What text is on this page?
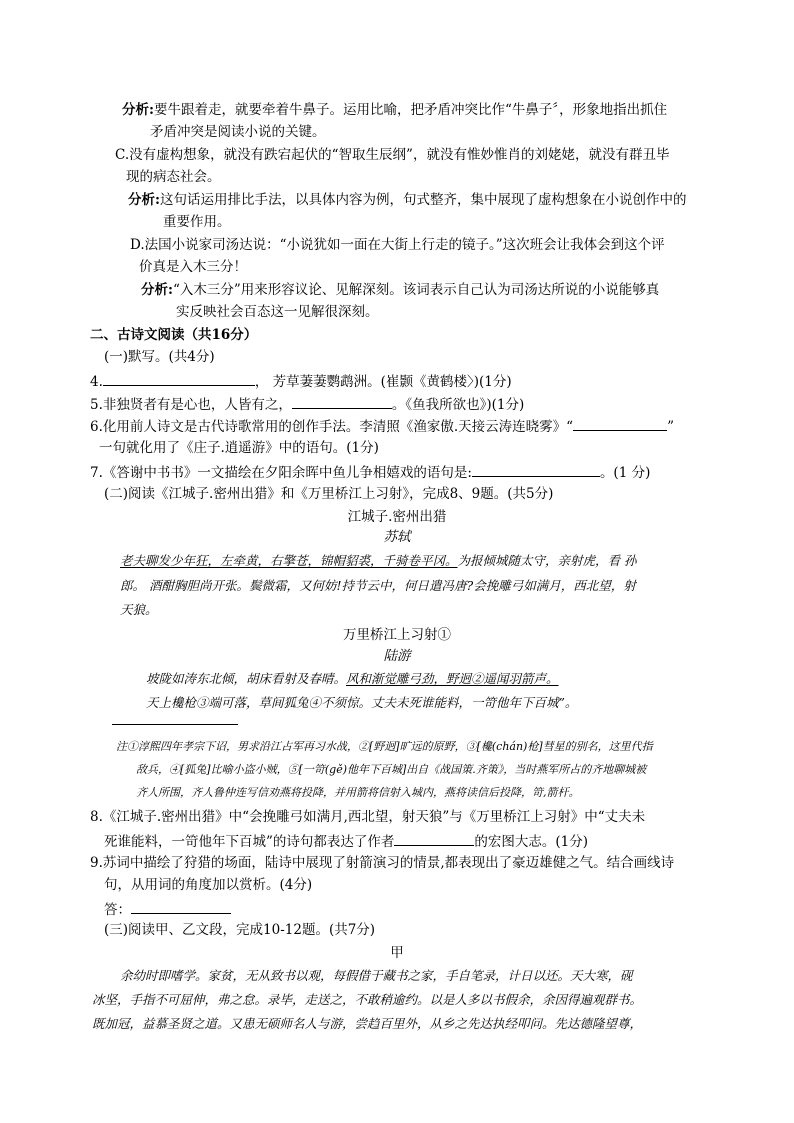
分析:要牛跟着走，就要牵着牛鼻子。运用比喻，把矛盾冲突比作“牛鼻子〞，形象地指出抓住
矛盾冲突是阅读小说的关键。
C.没有虚构想象，就没有跌宕起伏的“智取生辰纲”，就没有惟妙惟肖的刘姥姥，就没有群丑毕
现的病态社会。
分析:这句话运用排比手法，以具体内容为例，句式整齐，集中展现了虚构想象在小说创作中的
重要作用。
D.法国小说家司汤达说：“小说犹如一面在大街上行走的镜子。”这次班会让我体会到这个评
价真是入木三分！
分析:“入木三分”用来形容议论、见解深刻。该词表示自己认为司汤达所说的小说能够真
实反映社会百态这一见解很深刻。
二、古诗文阅读（共16分）
(一)默写。(共4分)
4.	， 芳草萋萋鹦鹉洲。(崔颢《黄鹤楼〉)(1分)
5.非独贤者有是心也，人皆有之，	。《鱼我所欲也》)(1分)
6.化用前人诗文是古代诗歌常用的创作手法。李清照《渔家傲.天接云涛连晓雾》“	”
一句就化用了《庄子.逍遥游》中的语句。(1分)
7.《答谢中书书》一文描绘在夕阳余晖中鱼儿争相嬉戏的语句是:	。(1 分)
(二)阅读《江城子.密州出猎》和《万里桥江上习射》，完成8、9题。(共5分)
江城子.密州出猎
苏轼
老夫聊发少年狂，左牵黄，右擎苍，锦帽貂裘，千骑卷平冈。为报倾城随太守，亲射虎，看 孙
郎。 酒酣胸胆尚开张。鬓微霜，又何妨!持节云中，何日遣冯唐?会挽雕弓如满月，西北望，射
天狼。
万里桥江上习射①
陆游
坡陇如涛东北倾，胡床看射及春晴。风和渐觉雕弓劲，野迥②遥闻羽箭声。
天上欃枪③端可落，草间狐兔④不须惊。丈夫未死谁能料，一笴他年下百城”。
注①淳熙四年孝宗下诏，男求沿江占军再习水战，②[野迥]旷远的原野，③[欃(chán)枪]彗星的别名，这里代指
敌兵，④[狐兔]比喻小盗小贼，⑤[一笴(gě)他年下百城]出自《战国策.齐策》，当时燕军所占的齐地聊城被
齐人所围，齐人鲁仲连写信劝燕将投降，并用箭将信射入城内，燕将读信后投降，笴,箭杆。
8.《江城子.密州出猎》中“会挽雕弓如满月,西北望，射天狼”与《万里桥江上习射》中“丈夫未
死谁能料，一笴他年下百城”的诗句都表达了作者	的宏图大志。(1分)
9.苏词中描绘了狩猎的场面，陆诗中展现了射箭演习的情景,都表现出了豪迈雄健之气。结合画线诗
句，从用词的角度加以赏析。(4分)
答：
(三)阅读甲、乙文段，完成10-12题。(共7分)
甲
余幼时即嗜学。家贫，无从致书以观，每假借于藏书之家，手自笔录，计日以还。天大寒，砚
冰坚，手指不可屈伸，弗之怠。录毕，走送之，不敢稍逾约。以是人多以书假余，余因得遍观群书。
既加冠，益慕圣贤之道。又患无硕师名人与游，尝趋百里外，从乡之先达执经叩问。先达德隆望尊，
